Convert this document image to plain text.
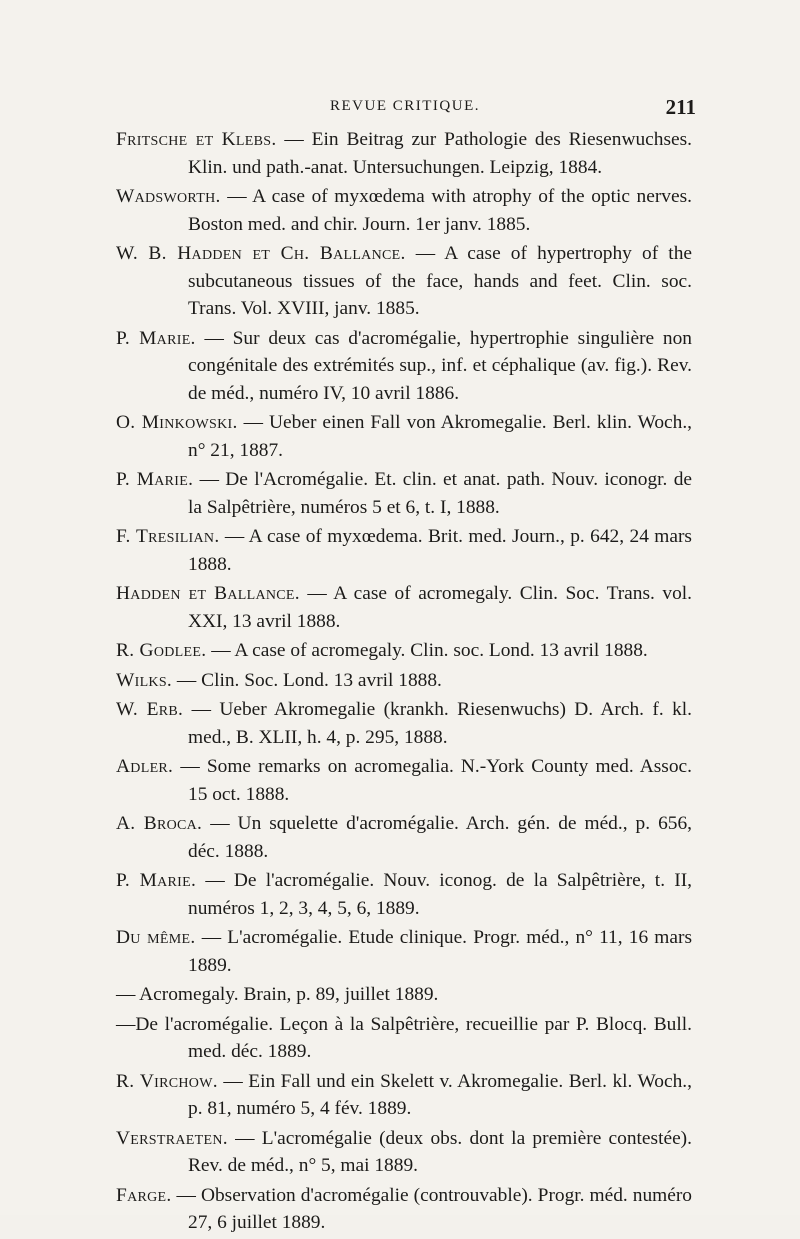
REVUE CRITIQUE.	211

Fritsche et Klebs. — Ein Beitrag zur Pathologie des Riesenwuchses. Klin. und path.-anat. Untersuchungen. Leipzig, 1884.

Wadsworth. — A case of myxœdema with atrophy of the optic nerves. Boston med. and chir. Journ. 1er janv. 1885.

W. B. Hadden et Ch. Ballance. — A case of hypertrophy of the subcutaneous tissues of the face, hands and feet. Clin. soc. Trans. Vol. XVIII, janv. 1885.

P. Marie. — Sur deux cas d'acromégalie, hypertrophie singulière non congénitale des extrémités sup., inf. et céphalique (av. fig.). Rev. de méd., numéro IV, 10 avril 1886.

O. Minkowski. — Ueber einen Fall von Akromegalie. Berl. klin. Woch., n° 21, 1887.

P. Marie. — De l'Acromégalie. Et. clin. et anat. path. Nouv. iconogr. de la Salpêtrière, numéros 5 et 6, t. I, 1888.

F. Tresilian. — A case of myxœdema. Brit. med. Journ., p. 642, 24 mars 1888.

Hadden et Ballance. — A case of acromegaly. Clin. Soc. Trans. vol. XXI, 13 avril 1888.

R. Godlee. — A case of acromegaly. Clin. soc. Lond. 13 avril 1888.

Wilks. — Clin. Soc. Lond. 13 avril 1888.

W. Erb. — Ueber Akromegalie (krankh. Riesenwuchs) D. Arch. f. kl. med., B. XLII, h. 4, p. 295, 1888.

Adler. — Some remarks on acromegalia. N.-York County med. Assoc. 15 oct. 1888.

A. Broca. — Un squelette d'acromégalie. Arch. gén. de méd., p. 656, déc. 1888.

P. Marie. — De l'acromégalie. Nouv. iconog. de la Salpêtrière, t. II, numéros 1, 2, 3, 4, 5, 6, 1889.

Du même. — L'acromégalie. Etude clinique. Progr. méd., n° 11, 16 mars 1889.

— Acromegaly. Brain, p. 89, juillet 1889.

—De l'acromégalie. Leçon à la Salpêtrière, recueillie par P. Blocq. Bull. med. déc. 1889.

R. Virchow. — Ein Fall und ein Skelett v. Akromegalie. Berl. kl. Woch., p. 81, numéro 5, 4 fév. 1889.

Verstraeten. — L'acromégalie (deux obs. dont la première contestée). Rev. de méd., n° 5, mai 1889.

Farge. — Observation d'acromégalie (controuvable). Progr. méd. numéro 27, 6 juillet 1889.
